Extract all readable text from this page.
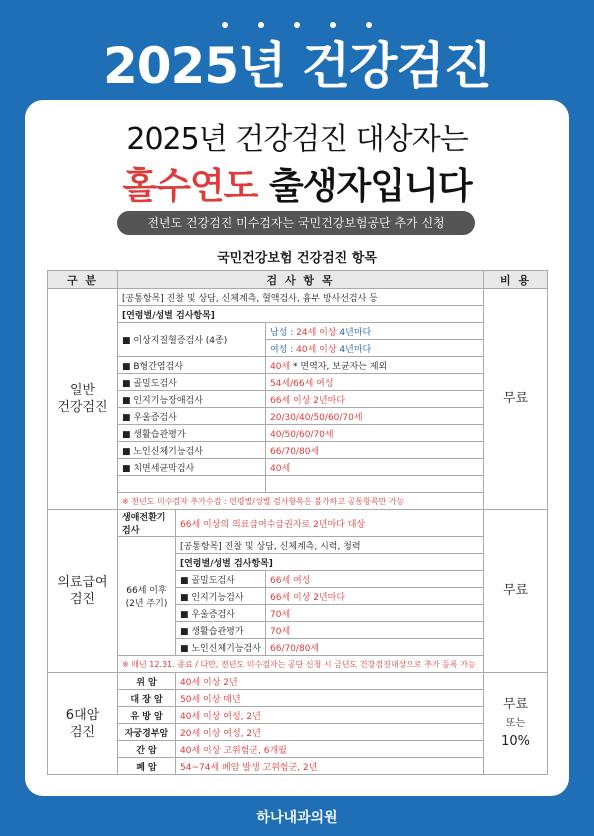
2025년 건강검진
2025년 건강검진 대상자는
홀수연도 출생자입니다
전년도 건강검진 미수검자는 국민건강보험공단 추가 신청
국민건강보험 건강검진 항목
구 분	검 사 항 목			비 용
일반
건강검진	[공통항목] 진찰 및 상담, 신체계측, 혈액검사, 흉부 방사선검사 등			무료
	[연령별/성별 검사항목]			
	■ 이상지질혈증검사 (4종)		남성 : 24세 이상 4년마다	
			여성 : 40세 이상 4년마다	
	■ B형간염검사		40세 * 면역자, 보균자는 제외	
	■ 골밀도검사		54세/66세 여성	
	■ 인지기능장애검사		66세 이상 2년마다	
	■ 우울증검사		20/30/40/50/60/70세	
	■ 생활습관평가		40/50/60/70세	
	■ 노인신체기능검사		66/70/80세	
	■ 치면세균막검사		40세	

	※ 전년도 미수검자 추가수검 : 연령별/성별 검사항목은 불가하고 공통항목만 가능			
의료급여
검진	생애전환기검사	66세 이상의 의료급여수급권자로 2년마다 대상		무료
	66세 이후
(2년 주기)	[공통항목] 진찰 및 상담, 신체계측, 시력, 청력		
		[연령별/성별 검사항목]		
		■ 골밀도검사	66세 여성	
		■ 인지기능검사	66세 이상 2년마다	
		■ 우울증검사	70세	
		■ 생활습관평가	70세	
		■ 노인신체기능검사	66/70/80세	
	※ 매년 12.31. 종료 / 다만, 전년도 미수검자는 공단 신청 시 금년도 건강검진대상으로 추가 등록 가능			
6대암
검진	위 암	40세 이상 2년		무료
또는
10%
	대 장 암	50세 이상 매년		
	유 방 암	40세 이상 여성, 2년		
	자궁경부암	20세 이상 여성, 2년		
	간 암	40세 이상 고위험군, 6개월		
	폐 암	54~74세 폐암 발생 고위험군, 2년		
하나내과의원
